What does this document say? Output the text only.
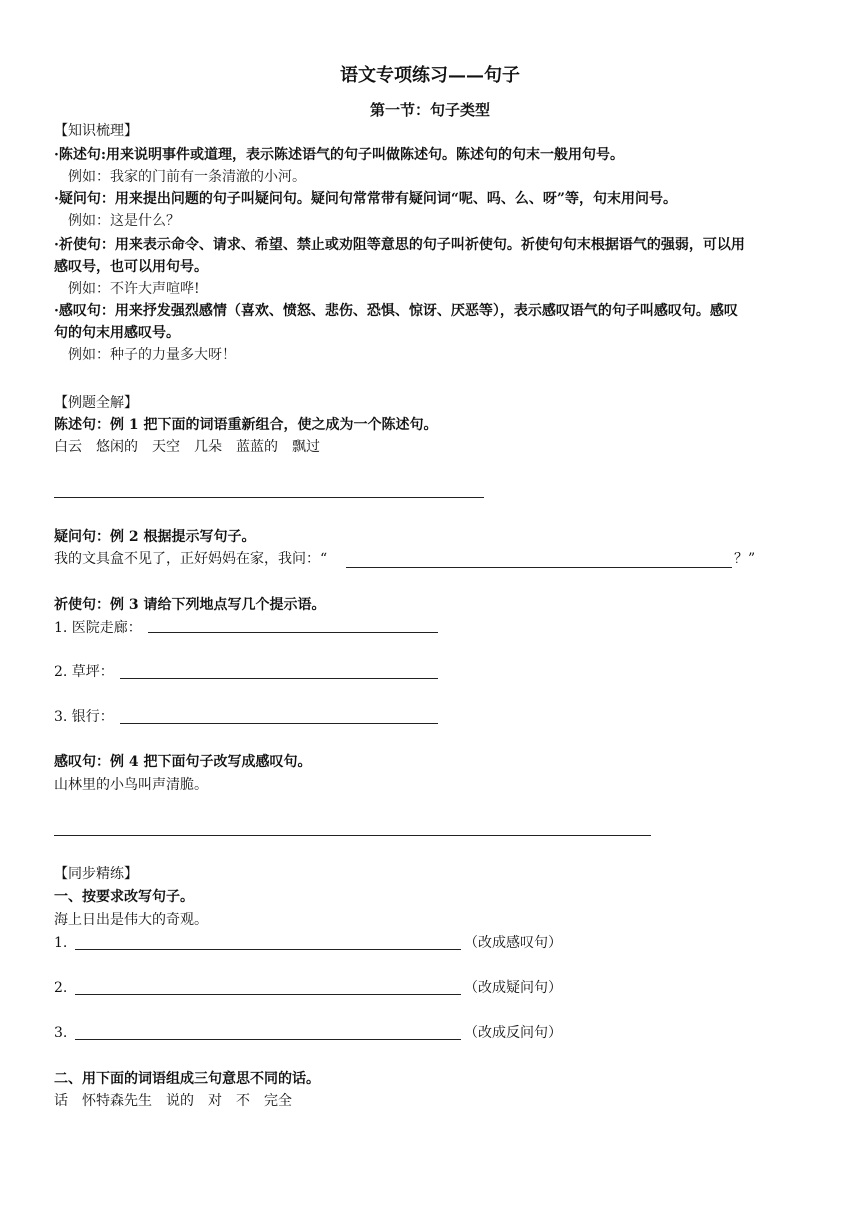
语文专项练习——句子
第一节：句子类型
【知识梳理】
·陈述句:用来说明事件或道理，表示陈述语气的句子叫做陈述句。陈述句的句末一般用句号。
例如：我家的门前有一条清澈的小河。
·疑问句：用来提出问题的句子叫疑问句。疑问句常常带有疑问词“呢、吗、么、呀”等，句末用问号。
例如：这是什么？
·祈使句：用来表示命令、请求、希望、禁止或劝阻等意思的句子叫祈使句。祈使句句末根据语气的强弱，可以用
感叹号，也可以用句号。
例如：不许大声喧哗!
·感叹句：用来抒发强烈感情（喜欢、愤怒、悲伤、恐惧、惊讶、厌恶等），表示感叹语气的句子叫感叹句。感叹
句的句末用感叹号。
例如：种子的力量多大呀！
【例题全解】
陈述句：例 1 把下面的词语重新组合，使之成为一个陈述句。
白云　悠闲的　天空　几朵　蓝蓝的　飘过
疑问句：例 2 根据提示写句子。
我的文具盒不见了，正好妈妈在家，我问：“	？”
祈使句：例 3 请给下列地点写几个提示语。
1. 医院走廊：
2. 草坪：
3. 银行：
感叹句：例 4 把下面句子改写成感叹句。
山林里的小鸟叫声清脆。
【同步精练】
一、按要求改写句子。
海上日出是伟大的奇观。
1.	（改成感叹句）
2.	（改成疑问句）
3.	（改成反问句）
二、用下面的词语组成三句意思不同的话。
话　怀特森先生　说的　对　不　完全
